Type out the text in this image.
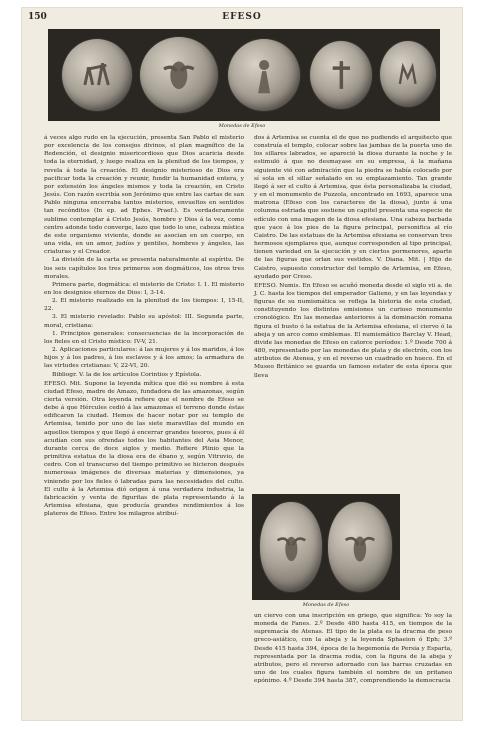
150	EFESO
Monedas de Efeso

á veces algo rudo en la ejecución, presenta San Pablo el misterio por excelencia de los consejos divinos, el plan magnífico de la Redención, el designio misericordioso que Dios acaricia desde toda la eternidad, y luego realiza en la plenitud de los tiempos, y revela á toda la creación. El designio misterioso de Dios era pacificar toda la creación y reunir, fundir la humanidad entera, y por extensión los ángeles mismos y toda la creación, en Cristo Jesús. Con razón escribía son Jerónimo que entre las cartas de san Pablo ninguna encerraba tantos misterios, envueltos en sentidos tan recónditos (In ep. ad Ephes. Praef.). Es verdaderamente sublime contemplar á Cristo Jesús, hombre y Dios á la vez, como centro adonde todo converge, lazo que todo lo une, cabeza mística de este organismo viviente, donde se asocian en un cuerpo, en una vida, en un amor, judíos y gentiles, hombres y ángeles, las criaturas y el Creador.

La división de la carta se presenta naturalmente al espíritu. De los seis capítulos los tres primeros son dogmáticos, los otros tres morales.

Primera parte, dogmática: el misterio de Cristo: I. 1. El misterio en los designios eternos de Dios: I, 3-14.

2. El misterio realizado en la plenitud de los tiempos: I, 15-II, 22.

3. El misterio revelado: Pablo su apóstol: III. Segunda parte, moral, cristiana:

1. Principios generales: consecuencias de la incorporación de los fieles en el Cristo místico: IV-V, 21.

2. Aplicaciones particulares: á las mujeres y á los maridos, á los hijos y á los padres, á los esclavos y á los amos; la armadura de las virtudes cristianas: V, 22-VI, 20.

Bibliogr. V. la de los artículos Corintios y Epístola.

EFESO. Mit. Supone la leyenda mítica que dió su nombre á esta ciudad Efeso, madre de Amazo, fundadora de las amazonas, según cierta versión. Otra leyenda refiere que el nombre de Efeso se debe á que Hércules cedió á las amazonas el terreno donde éstas edificaron la ciudad. Hemos de hacer notar por su templo de Artemisa, tenido por uno de las siete maravillas del mundo en aquellos tiempos y que llegó á encerrar grandes tesoros, pues á él acudían con sus ofrendas todos los habitantes del Asia Menor, durante cerca de doce siglos y medio. Refiere Plinio que la primitiva estatua de la diosa era de ébano y, según Vitruvio, de cedro. Con el transcurso del tiempo primitivo se hicieron después numerosas imágenes de diversas materias y dimensiones, ya viniendo por los fieles ó labradas para las necesidades del culto. El culto á la Artemisa dió origen á una verdadera industria, la fabricación y venta de figuritas de plata representando á la Artemisa efesiana, que producía grandes rendimientos á los plateros de Efeso. Entre los milagros atribuí-

dos á Artemisa se cuenta el de que no pudiendo el arquitecto que construía el templo, colocar sobre las jambas de la puerta uno de los sillares labrados, se apareció la diosa durante la noche y le estimuló á que no desmayase en su empresa, á la mañana siguiente vió con admiración que la piedra se había colocado por sí sola en el sillar señalado en su emplazamiento. Tan grande llegó á ser el culto á Artemisa, que ésta personalizaba la ciudad, y en el monumento de Puzzola, encontrado en 1693, aparece una matrona (Efeso con los caracteres de la diosa), junto á una columna estriada que sostiene un capitel presenta una especie de edículo con una imagen de la diosa efesiana. Una cabeza barbada que yace á los pies de la figura principal, personifica al río Caistro. De las estatuas de la Artemisa efesiana se conservan tres hermosos ejemplares que, aunque corresponden al tipo principal, tienen variedad en la ejecución y en ciertos pormenores, aparte de las figuras que orlan sus vestidos. V. Diana. Mit. | Hijo de Caistro, supuesto constructor del templo de Artemisa, en Efeso, ayudado por Creso.

EFESO. Numis. En Efeso se acuñó moneda desde el siglo vii a. de J. C. hasta los tiempos del emperador Galieno, y en las leyendas y figuras de su numismática se refleja la historia de esta ciudad, constituyendo los distintos emisiones un curioso monumento cronológico. En las monedas anteriores á la dominación romana figura el busto ó la estatua de la Artemisa efesiana, el ciervo ó la abeja y un arco como emblemas. El numismático Barclay V. Head, divide las monedas de Efeso en catorce períodos: 1.º Desde 700 á 480, representado por las monedas de plata y de electrón, con los atributos de Atenea, y en el reverso un cuadrado en hueco. En el Museo Británico se guarda un famoso estater de esta época que lleva

Monedas de Efeso

un ciervo con una inscripción en griego, que significa: Yo soy la moneda de Fanes. 2.º Desde 480 hasta 415, en tiempos de la supremacía de Atenas. El tipo de la plata es la dracma de peso greco-asiático, con la abeja y la leyenda Sphaeion ó Eph; 3.º Desde 415 hasta 394, época de la hegemonía de Persia y Esparta, representada por la dracma rodia, con la figura de la abeja y atributos, pero el reverso adornado con las barras cruzadas en uno de los cuales figura también el nombre de un pritaneo epónimo. 4.º Desde 394 hasta 387, comprendiendo la democracia
